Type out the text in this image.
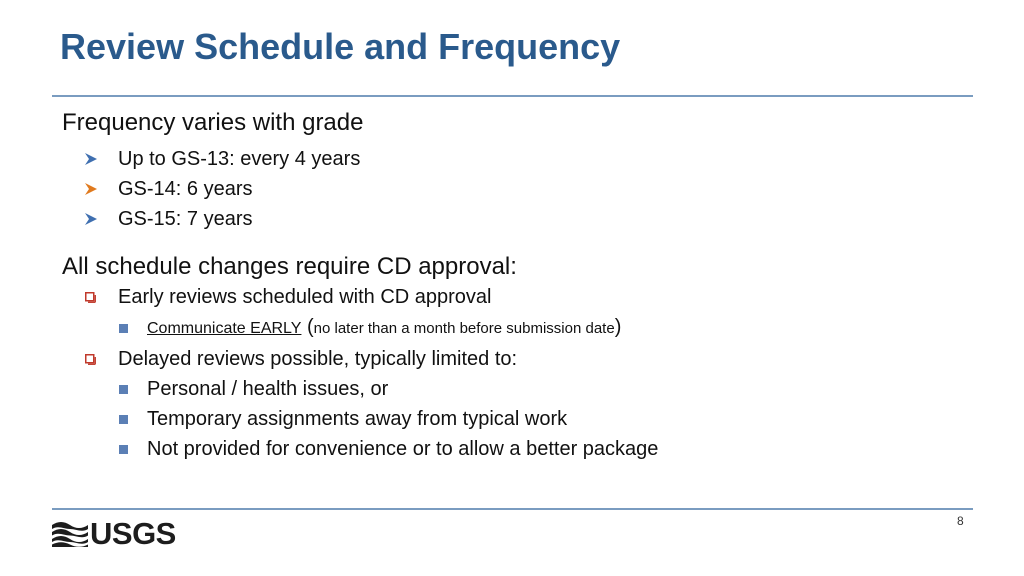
Review Schedule and Frequency
Frequency varies with grade
Up to GS-13: every 4 years
GS-14: 6 years
GS-15: 7 years
All schedule changes require CD approval:
Early reviews scheduled with CD approval
Communicate EARLY (no later than a month before submission date)
Delayed reviews possible, typically limited to:
Personal / health issues, or
Temporary assignments away from typical work
Not provided for convenience or to allow a better package
USGS	8
